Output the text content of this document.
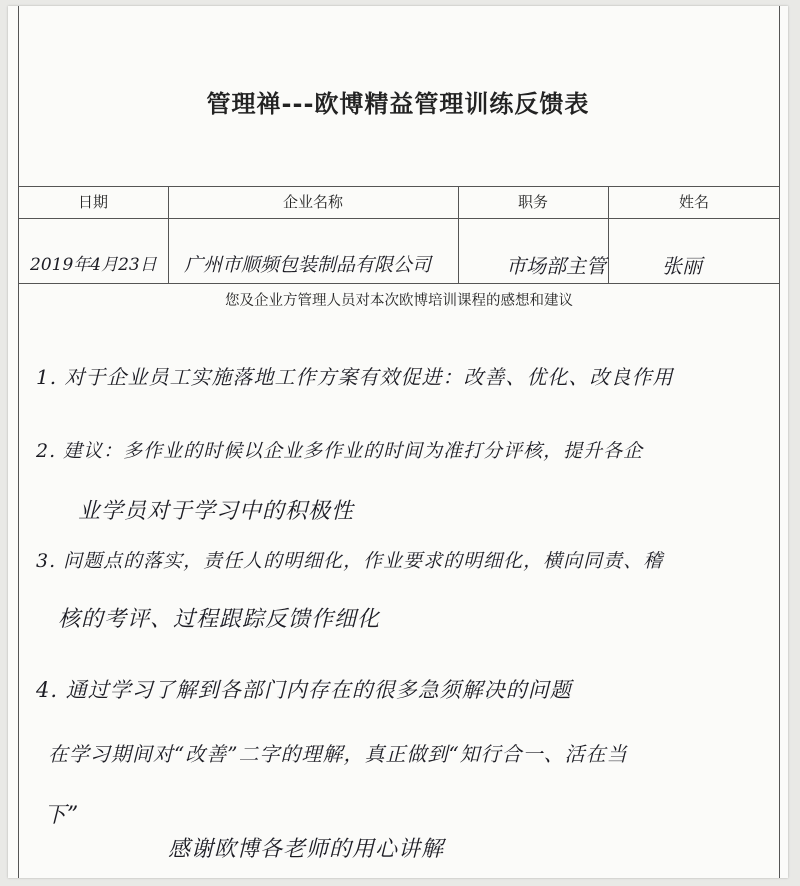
管理禅---欧博精益管理训练反馈表
日期	企业名称	职务	姓名
2019年4月23日 广州市顺频包装制品有限公司	市场部主管	张丽
您及企业方管理人员对本次欧博培训课程的感想和建议
1. 对于企业员工实施落地工作方案有效促进：改善、优化、改良作用
2. 建议：多作业的时候以企业多作业的时间为准打分评核，提升各企
业学员对于学习中的积极性
3. 问题点的落实，责任人的明细化，作业要求的明细化，横向同责、稽
核的考评、过程跟踪反馈作细化
4. 通过学习了解到各部门内存在的很多急须解决的问题
在学习期间对“改善”二字的理解，真正做到“知行合一、活在当
下”
感谢欧博各老师的用心讲解
